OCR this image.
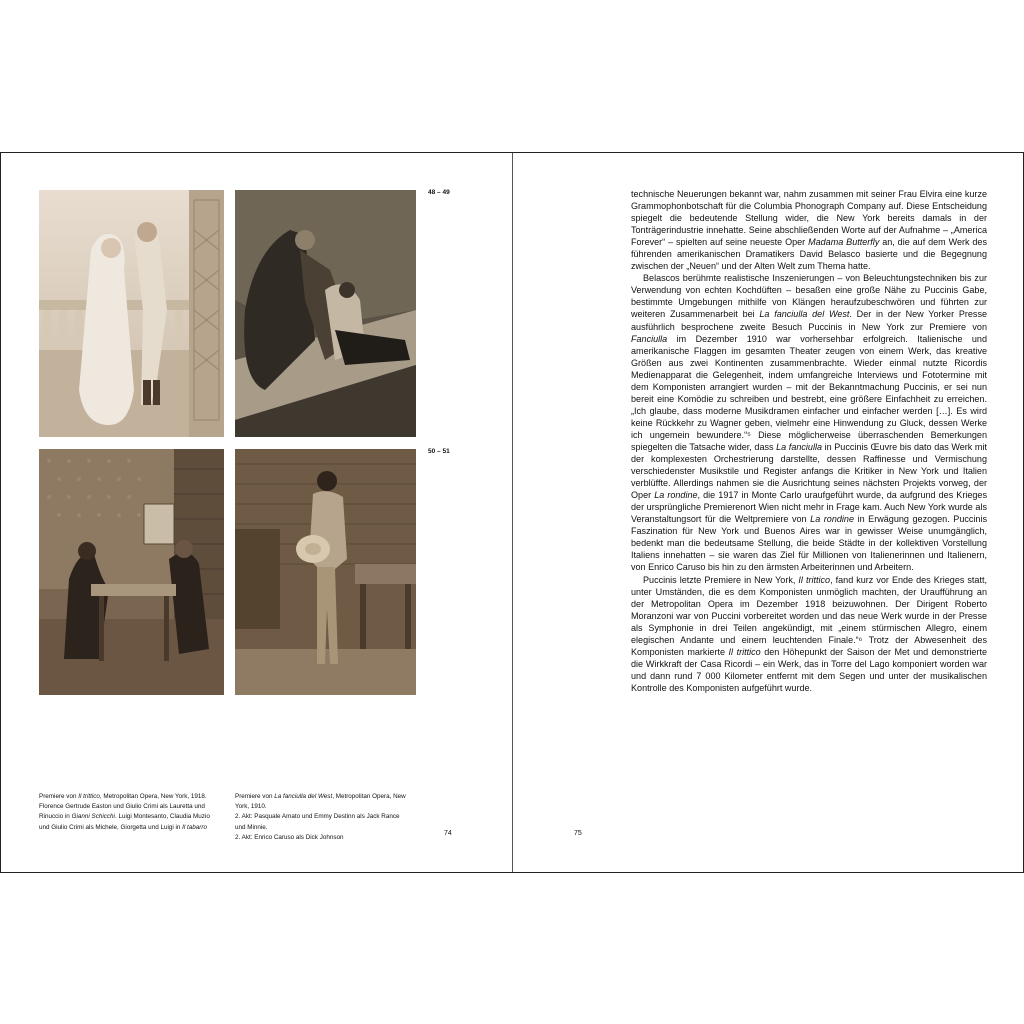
48 – 49
50 – 51
Premiere von Il trittico, Metropolitan Opera, New York, 1918. Florence Gertrude Easton und Giulio Crimi als Lauretta und Rinuccio in Gianni Schicchi. Luigi Montesanto, Claudia Muzio und Giulio Crimi als Michele, Giorgetta und Luigi in Il tabarro
Premiere von La fanciulla del West, Metropolitan Opera, New York, 1910.
2. Akt: Pasquale Amato und Emmy Destinn als Jack Rance und Minnie.
2. Akt: Enrico Caruso als Dick Johnson
74

technische Neuerungen bekannt war, nahm zusammen mit seiner Frau Elvira eine kurze Grammophonbotschaft für die Columbia Phonograph Company auf. Diese Entscheidung spiegelt die bedeutende Stellung wider, die New York bereits damals in der Tonträgerindustrie innehatte. Seine abschließenden Worte auf der Aufnahme – „America Forever“ – spielten auf seine neueste Oper Madama Butterfly an, die auf dem Werk des führenden amerikanischen Dramatikers David Belasco basierte und die Begegnung zwischen der „Neuen“ und der Alten Welt zum Thema hatte.

Belascos berühmte realistische Inszenierungen – von Beleuchtungstechniken bis zur Verwendung von echten Kochdüften – besaßen eine große Nähe zu Puccinis Gabe, bestimmte Umgebungen mithilfe von Klängen heraufzubeschwören und führten zur weiteren Zusammenarbeit bei La fanciulla del West. Der in der New Yorker Presse ausführlich besprochene zweite Besuch Puccinis in New York zur Premiere von Fanciulla im Dezember 1910 war vorhersehbar erfolgreich. Italienische und amerikanische Flaggen im gesamten Theater zeugen von einem Werk, das kreative Größen aus zwei Kontinenten zusammenbrachte. Wieder einmal nutzte Ricordis Medienapparat die Gelegenheit, indem umfangreiche Interviews und Fototermine mit dem Komponisten arrangiert wurden – mit der Bekanntmachung Puccinis, er sei nun bereit eine Komödie zu schreiben und bestrebt, eine größere Einfachheit zu erreichen. „Ich glaube, dass moderne Musikdramen einfacher und einfacher werden […]. Es wird keine Rückkehr zu Wagner geben, vielmehr eine Hinwendung zu Gluck, dessen Werke ich ungemein bewundere.“⁵ Diese möglicherweise überraschenden Bemerkungen spiegelten die Tatsache wider, dass La fanciulla in Puccinis Œuvre bis dato das Werk mit der komplexesten Orchestrierung darstellte, dessen Raffinesse und Vermischung verschiedenster Musikstile und Register anfangs die Kritiker in New York und Italien verblüffte. Allerdings nahmen sie die Ausrichtung seines nächsten Projekts vorweg, der Oper La rondine, die 1917 in Monte Carlo uraufgeführt wurde, da aufgrund des Krieges der ursprüngliche Premierenort Wien nicht mehr in Frage kam. Auch New York wurde als Veranstaltungsort für die Weltpremiere von La rondine in Erwägung gezogen. Puccinis Faszination für New York und Buenos Aires war in gewisser Weise unumgänglich, bedenkt man die bedeutsame Stellung, die beide Städte in der kollektiven Vorstellung Italiens innehatten – sie waren das Ziel für Millionen von Italienerinnen und Italienern, von Enrico Caruso bis hin zu den ärmsten Arbeiterinnen und Arbeitern.

Puccinis letzte Premiere in New York, Il trittico, fand kurz vor Ende des Krieges statt, unter Umständen, die es dem Komponisten unmöglich machten, der Uraufführung an der Metropolitan Opera im Dezember 1918 beizuwohnen. Der Dirigent Roberto Moranzoni war von Puccini vorbereitet worden und das neue Werk wurde in der Presse als Symphonie in drei Teilen angekündigt, mit „einem stürmischen Allegro, einem elegischen Andante und einem leuchtenden Finale.“⁶ Trotz der Abwesenheit des Komponisten markierte Il trittico den Höhepunkt der Saison der Met und demonstrierte die Wirkkraft der Casa Ricordi – ein Werk, das in Torre del Lago komponiert worden war und dann rund 7 000 Kilometer entfernt mit dem Segen und unter der musikalischen Kontrolle des Komponisten aufgeführt wurde.

75
